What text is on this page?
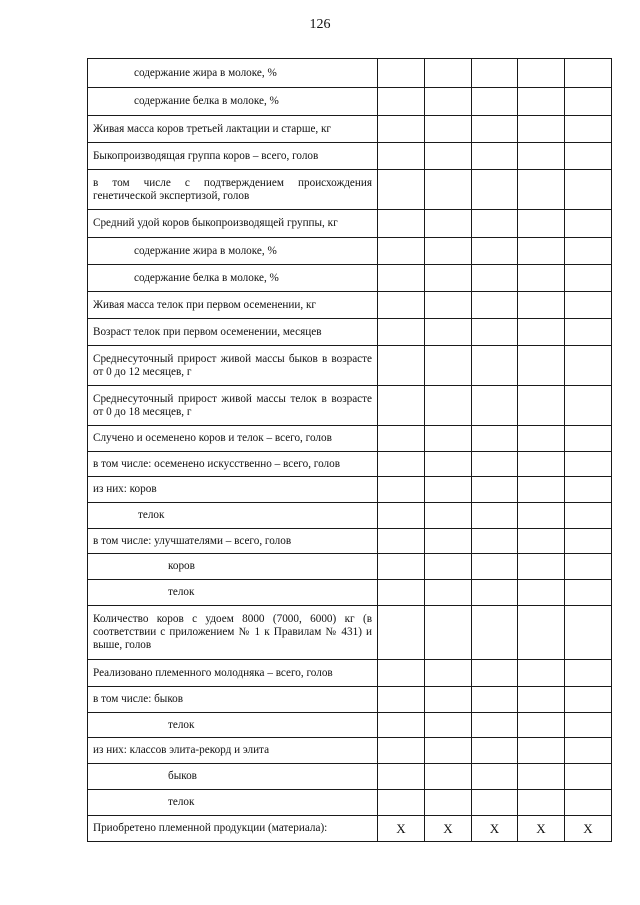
126
содержание жира в молоке, %					
содержание белка в молоке, %					
Живая масса коров третьей лактации и старше, кг					
Быкопроизводящая группа коров – всего, голов					
в том числе с подтверждением происхождения генетической экспертизой, голов					
Средний удой коров быкопроизводящей группы, кг					
содержание жира в молоке, %					
содержание белка в молоке, %					
Живая масса телок при первом осеменении, кг					
Возраст телок при первом осеменении, месяцев					
Среднесуточный прирост живой массы быков в возрасте от 0 до 12 месяцев, г					
Среднесуточный прирост живой массы телок в возрасте от 0 до 18 месяцев, г					
Случено и осеменено коров и телок – всего, голов					
в том числе: осеменено искусственно – всего, голов					
из них: коров					
телок					
в том числе: улучшателями – всего, голов					
коров					
телок					
Количество коров с удоем 8000 (7000, 6000) кг (в соответствии с приложением № 1 к Правилам № 431) и выше, голов					
Реализовано племенного молодняка – всего, голов					
в том числе: быков					
телок					
из них: классов элита-рекорд и элита					
быков					
телок					
Приобретено племенной продукции (материала):	Х	Х	Х	Х	Х
